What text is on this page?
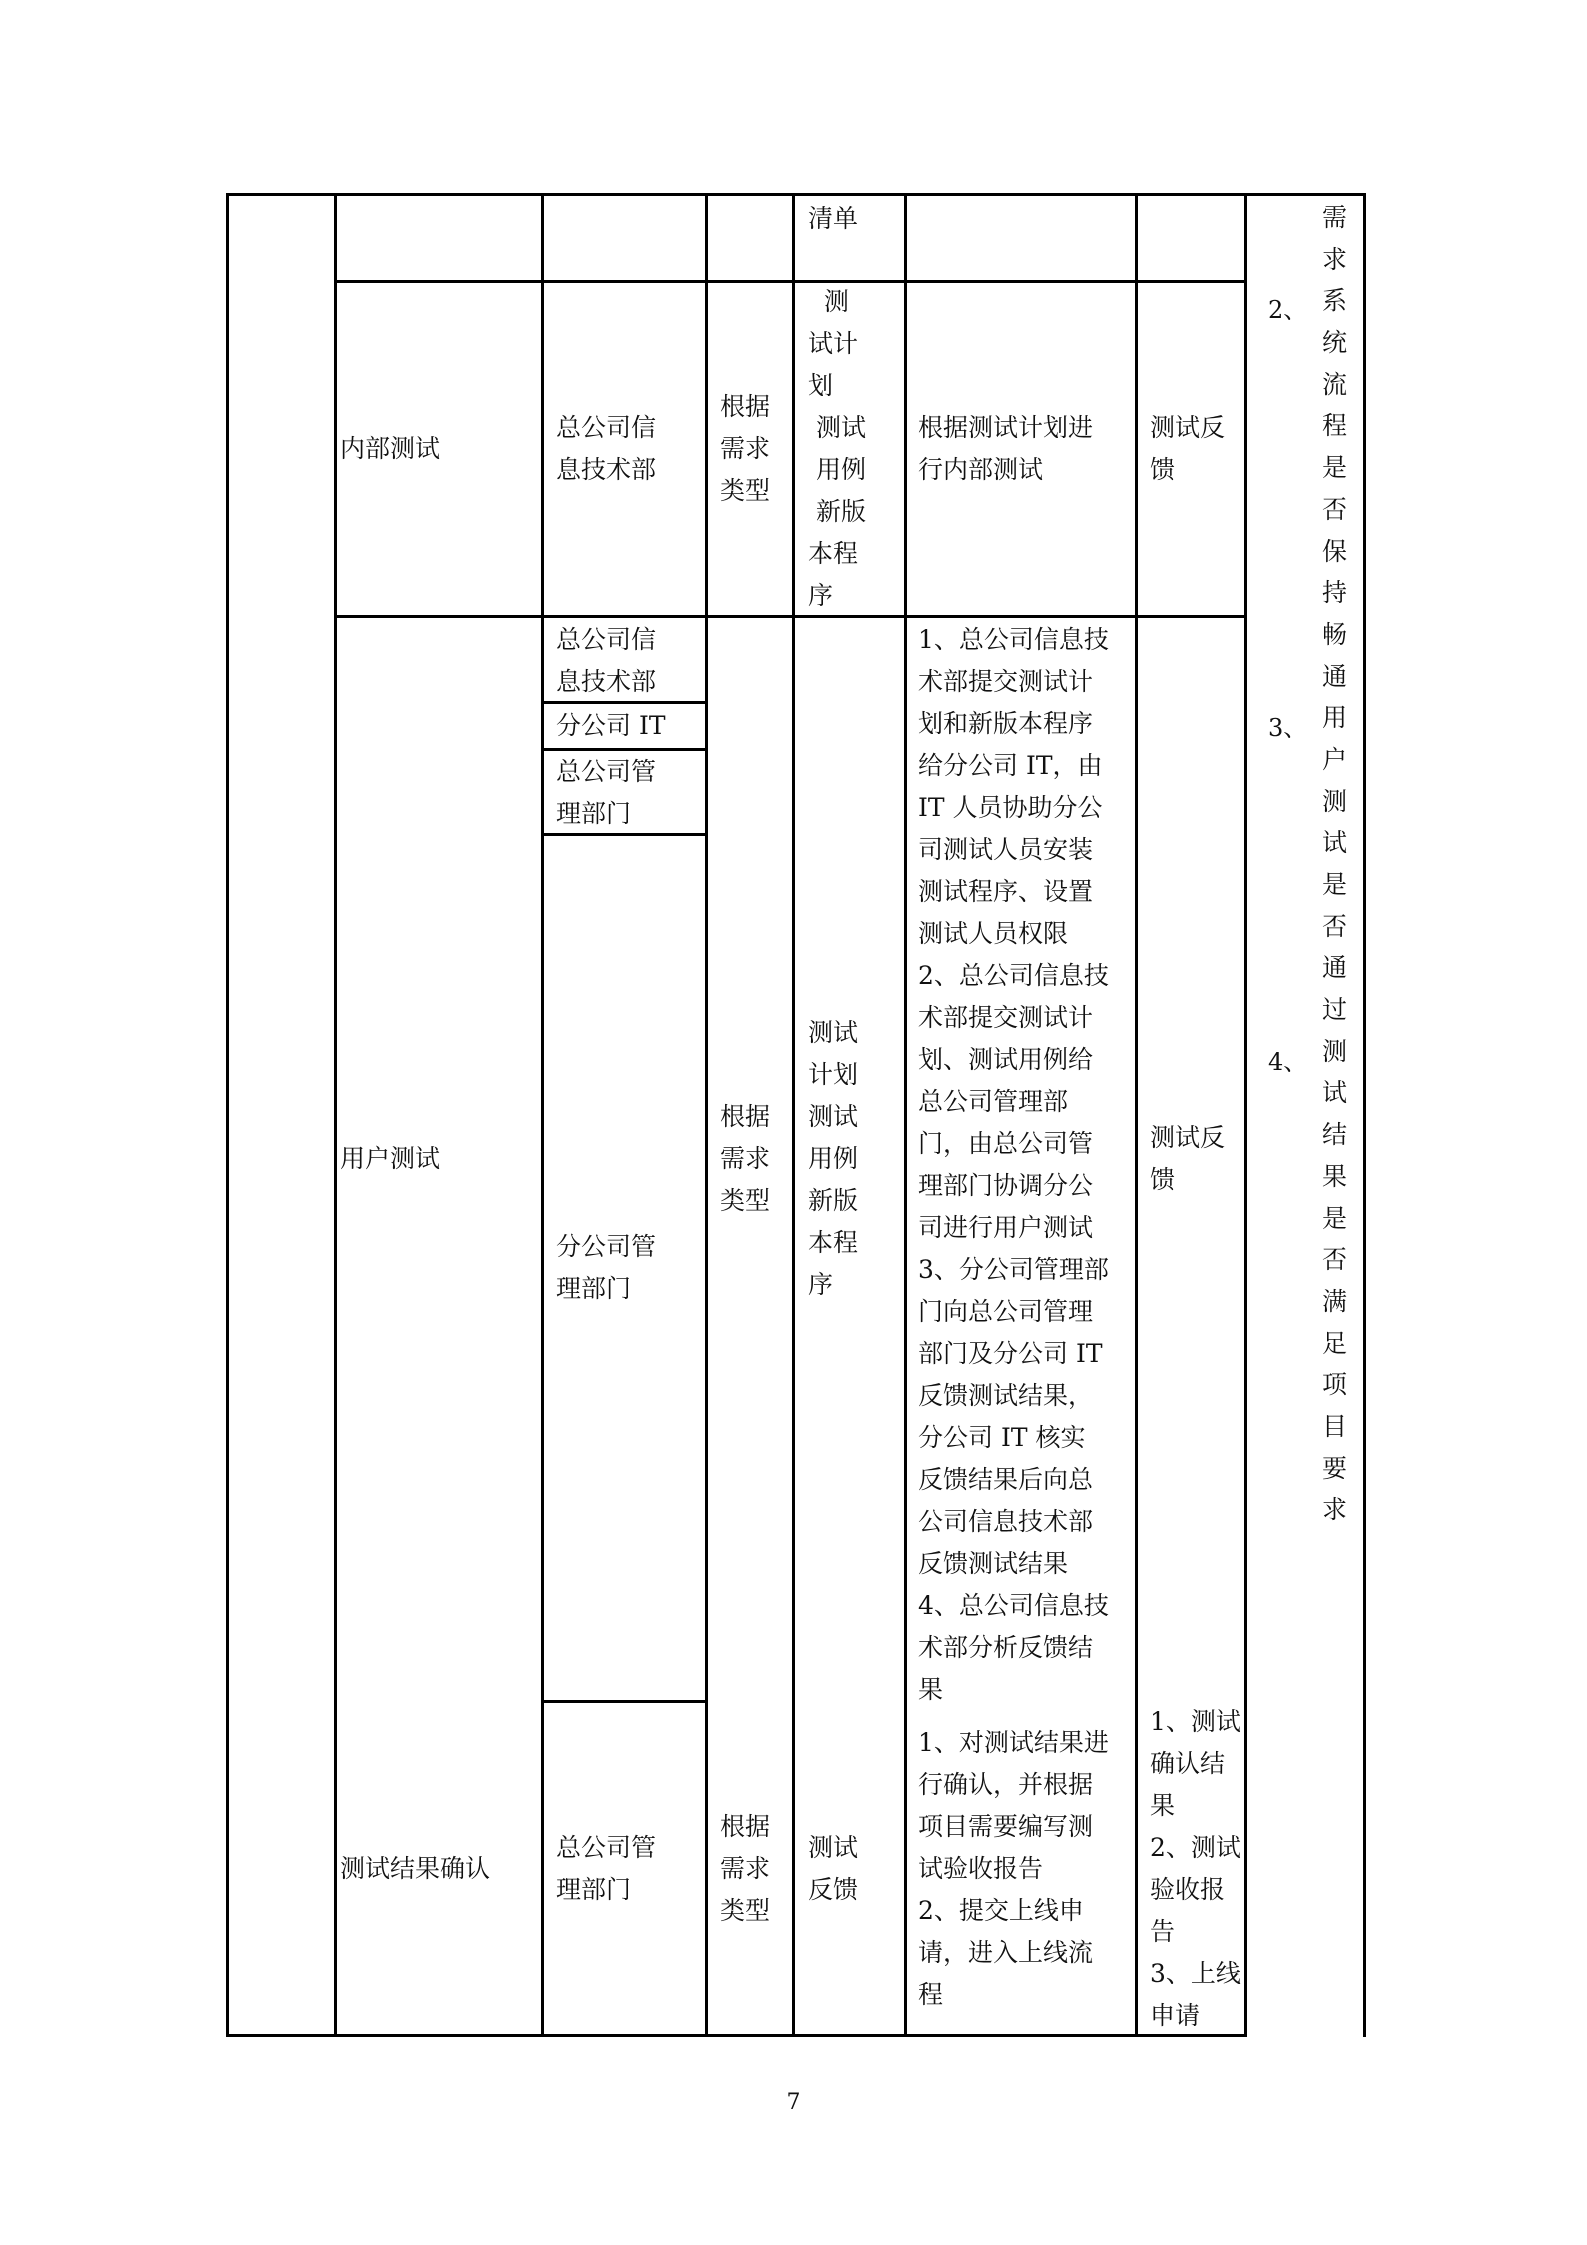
清单
内部测试
总公司信
息技术部
根据
需求
类型
测
试计
划
测试
用例
新版
本程
序
根据测试计划进
行内部测试
测试反
馈
用户测试
总公司信
息技术部
分公司 IT
总公司管
理部门
分公司管
理部门
根据
需求
类型
测试
计划
测试
用例
新版
本程
序
1、总公司信息技
术部提交测试计
划和新版本程序
给分公司 IT，由
IT 人员协助分公
司测试人员安装
测试程序、设置
测试人员权限
2、总公司信息技
术部提交测试计
划、测试用例给
总公司管理部
门，由总公司管
理部门协调分公
司进行用户测试
3、分公司管理部
门向总公司管理
部门及分公司 IT
反馈测试结果，
分公司 IT 核实
反馈结果后向总
公司信息技术部
反馈测试结果
4、总公司信息技
术部分析反馈结
果
测试反
馈
测试结果确认
总公司管
理部门
根据
需求
类型
测试
反馈
1、对测试结果进
行确认，并根据
项目需要编写测
试验收报告
2、提交上线申
请，进入上线流
程
1、测试
确认结
果
2、测试
验收报
告
3、上线
申请
需
求
系
统
流
程
是
否
保
持
畅
通
用
户
测
试
是
否
通
过
测
试
结
果
是
否
满
足
项
目
要
求
2、
3、
4、
7
